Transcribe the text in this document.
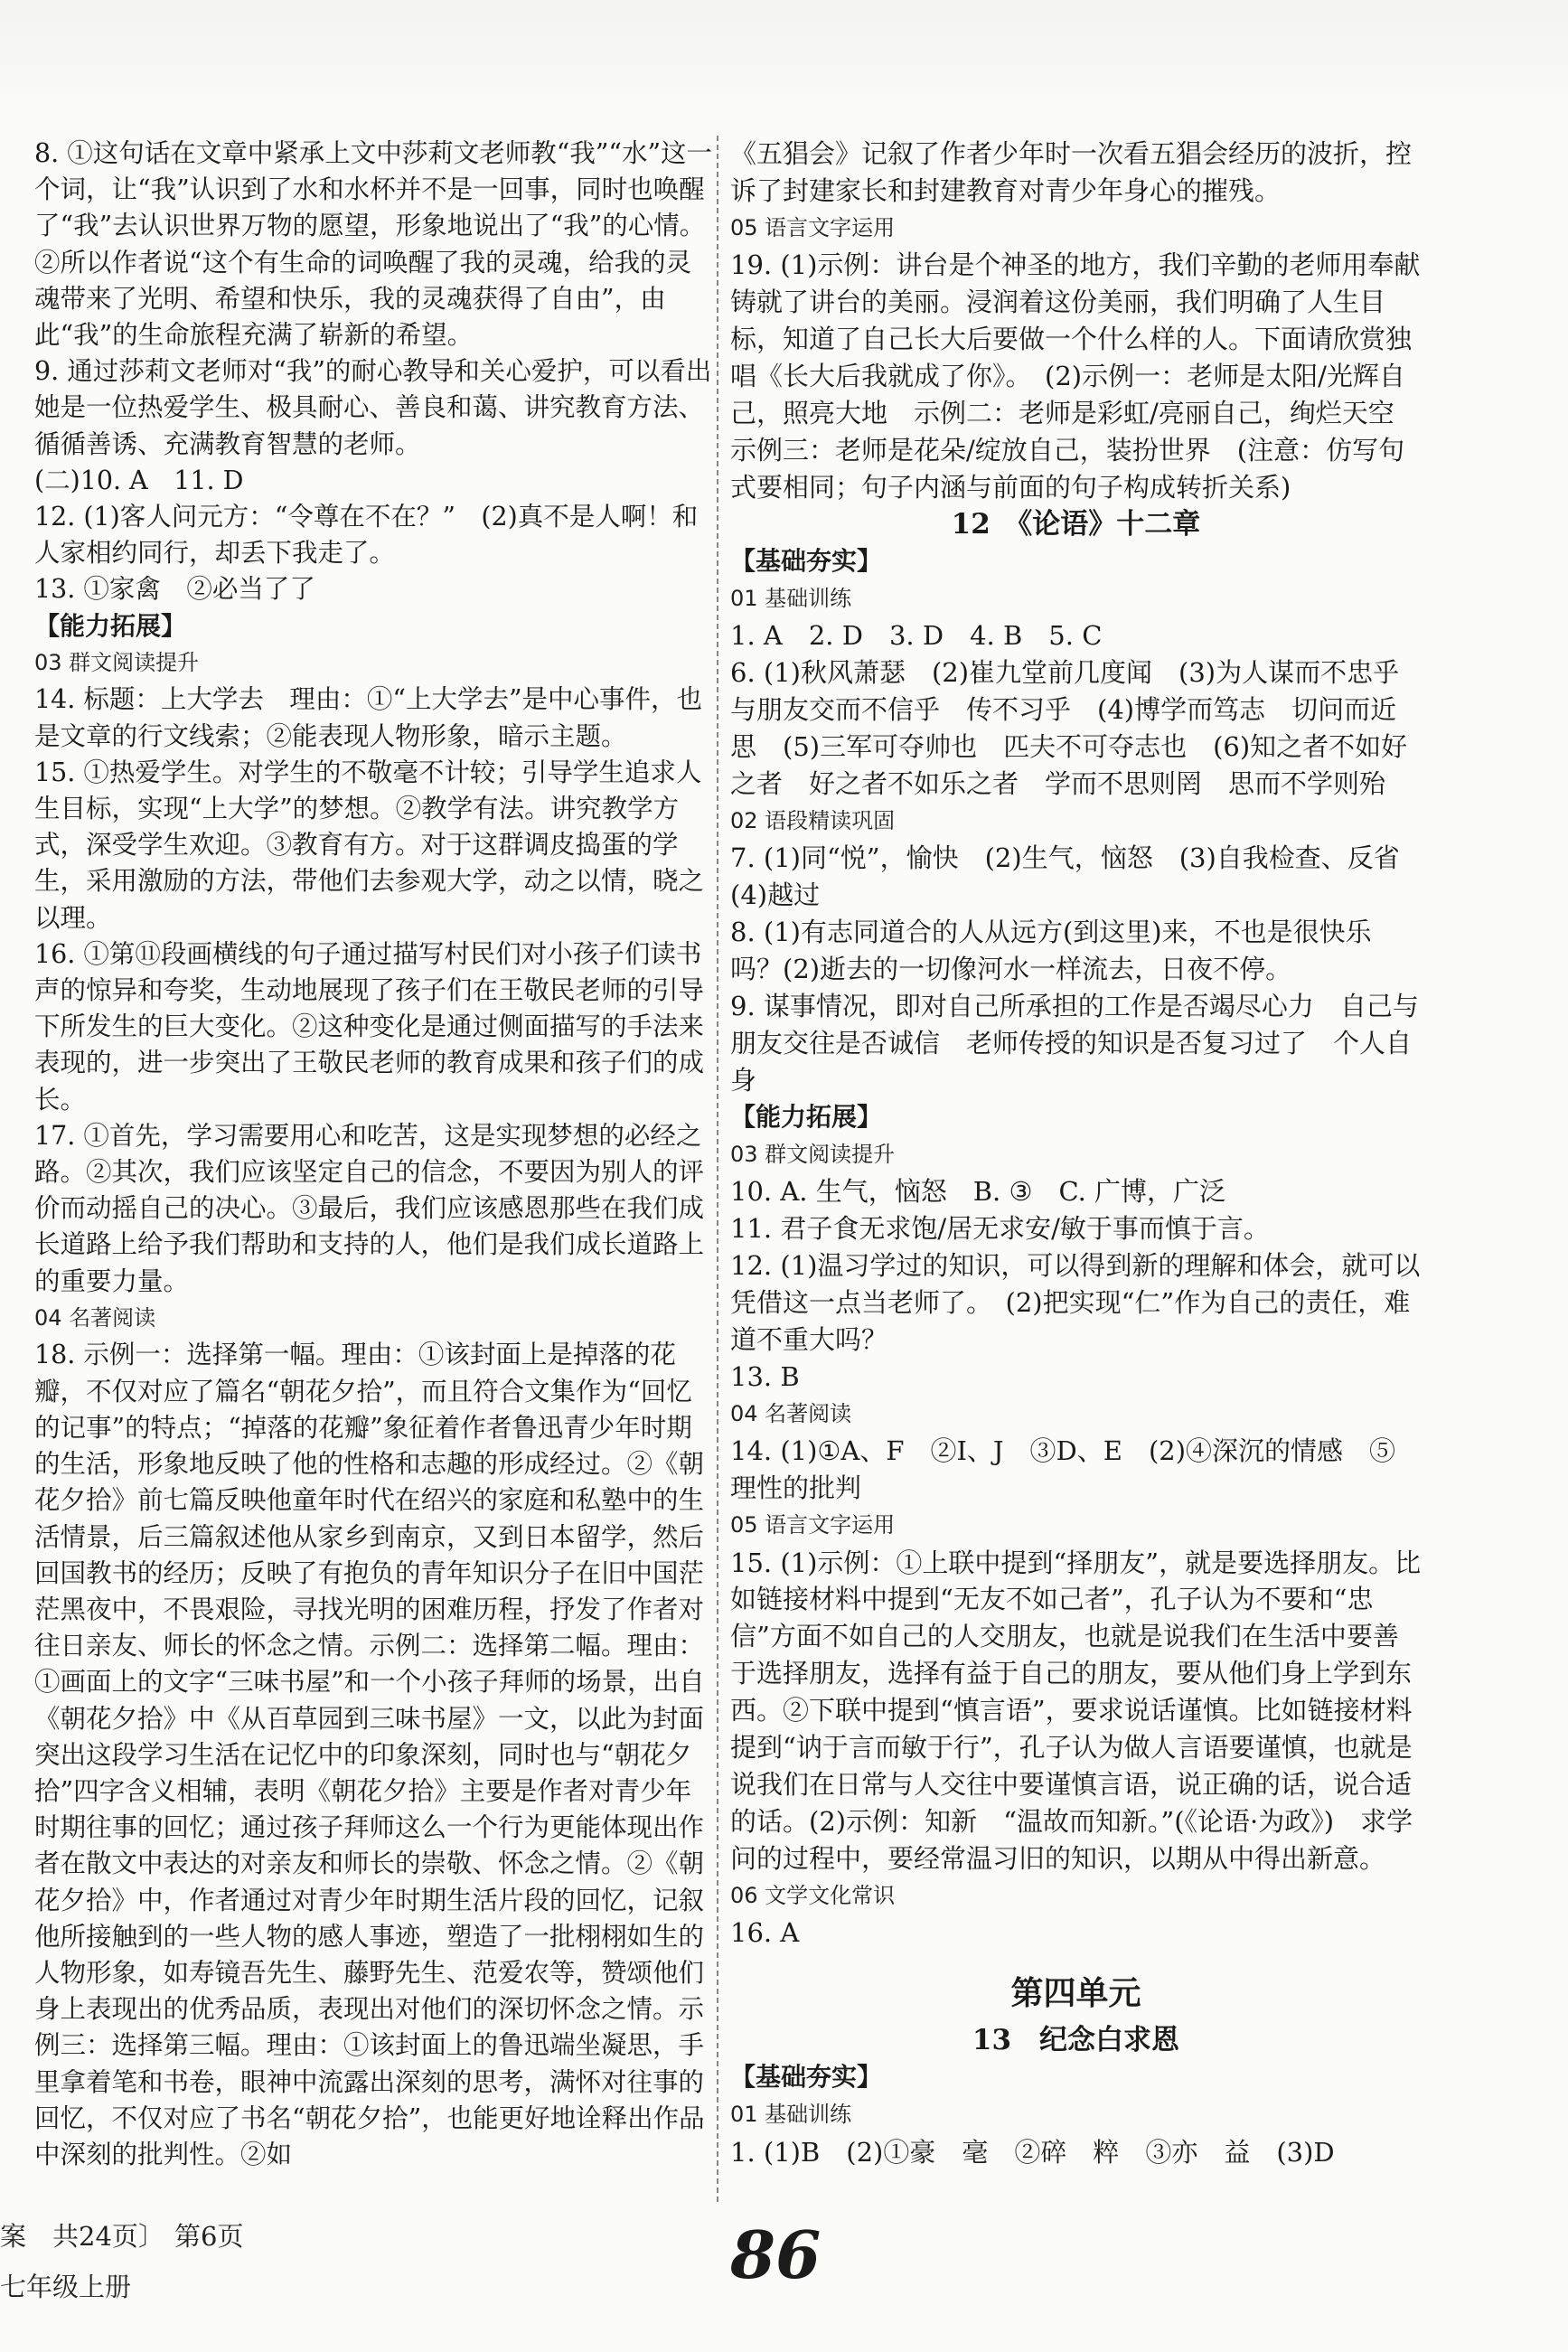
8. ①这句话在文章中紧承上文中莎莉文老师教“我”“水”这一个词，让“我”认识到了水和水杯并不是一回事，同时也唤醒了“我”去认识世界万物的愿望，形象地说出了“我”的心情。②所以作者说“这个有生命的词唤醒了我的灵魂，给我的灵魂带来了光明、希望和快乐，我的灵魂获得了自由”，由此“我”的生命旅程充满了崭新的希望。
9. 通过莎莉文老师对“我”的耐心教导和关心爱护，可以看出她是一位热爱学生、极具耐心、善良和蔼、讲究教育方法、循循善诱、充满教育智慧的老师。
(二)10. A　11. D
12. (1)客人问元方：“令尊在不在？”　(2)真不是人啊！和人家相约同行，却丢下我走了。
13. ①家禽　②必当了了
【能力拓展】
03 群文阅读提升
14. 标题：上大学去　理由：①“上大学去”是中心事件，也是文章的行文线索；②能表现人物形象，暗示主题。
15. ①热爱学生。对学生的不敬毫不计较；引导学生追求人生目标，实现“上大学”的梦想。②教学有法。讲究教学方式，深受学生欢迎。③教育有方。对于这群调皮捣蛋的学生，采用激励的方法，带他们去参观大学，动之以情，晓之以理。
16. ①第⑪段画横线的句子通过描写村民们对小孩子们读书声的惊异和夸奖，生动地展现了孩子们在王敬民老师的引导下所发生的巨大变化。②这种变化是通过侧面描写的手法来表现的，进一步突出了王敬民老师的教育成果和孩子们的成长。
17. ①首先，学习需要用心和吃苦，这是实现梦想的必经之路。②其次，我们应该坚定自己的信念，不要因为别人的评价而动摇自己的决心。③最后，我们应该感恩那些在我们成长道路上给予我们帮助和支持的人，他们是我们成长道路上的重要力量。
04 名著阅读
18. 示例一：选择第一幅。理由：①该封面上是掉落的花瓣，不仅对应了篇名“朝花夕拾”，而且符合文集作为“回忆的记事”的特点；“掉落的花瓣”象征着作者鲁迅青少年时期的生活，形象地反映了他的性格和志趣的形成经过。②《朝花夕拾》前七篇反映他童年时代在绍兴的家庭和私塾中的生活情景，后三篇叙述他从家乡到南京，又到日本留学，然后回国教书的经历；反映了有抱负的青年知识分子在旧中国茫茫黑夜中，不畏艰险，寻找光明的困难历程，抒发了作者对往日亲友、师长的怀念之情。示例二：选择第二幅。理由：①画面上的文字“三味书屋”和一个小孩子拜师的场景，出自《朝花夕拾》中《从百草园到三味书屋》一文，以此为封面突出这段学习生活在记忆中的印象深刻，同时也与“朝花夕拾”四字含义相辅，表明《朝花夕拾》主要是作者对青少年时期往事的回忆；通过孩子拜师这么一个行为更能体现出作者在散文中表达的对亲友和师长的崇敬、怀念之情。②《朝花夕拾》中，作者通过对青少年时期生活片段的回忆，记叙他所接触到的一些人物的感人事迹，塑造了一批栩栩如生的人物形象，如寿镜吾先生、藤野先生、范爱农等，赞颂他们身上表现出的优秀品质，表现出对他们的深切怀念之情。示例三：选择第三幅。理由：①该封面上的鲁迅端坐凝思，手里拿着笔和书卷，眼神中流露出深刻的思考，满怀对往事的回忆，不仅对应了书名“朝花夕拾”，也能更好地诠释出作品中深刻的批判性。②如
《五猖会》记叙了作者少年时一次看五猖会经历的波折，控诉了封建家长和封建教育对青少年身心的摧残。
05 语言文字运用
19. (1)示例：讲台是个神圣的地方，我们辛勤的老师用奉献铸就了讲台的美丽。浸润着这份美丽，我们明确了人生目标，知道了自己长大后要做一个什么样的人。下面请欣赏独唱《长大后我就成了你》。　(2)示例一：老师是太阳/光辉自己，照亮大地　示例二：老师是彩虹/亮丽自己，绚烂天空　示例三：老师是花朵/绽放自己，装扮世界　(注意：仿写句式要相同；句子内涵与前面的句子构成转折关系)
12　《论语》十二章
【基础夯实】
01 基础训练
1. A　2. D　3. D　4. B　5. C
6. (1)秋风萧瑟　(2)崔九堂前几度闻　(3)为人谋而不忠乎　与朋友交而不信乎　传不习乎　(4)博学而笃志　切问而近思　(5)三军可夺帅也　匹夫不可夺志也　(6)知之者不如好之者　好之者不如乐之者　学而不思则罔　思而不学则殆
02 语段精读巩固
7. (1)同“悦”，愉快　(2)生气，恼怒　(3)自我检查、反省　(4)越过
8. (1)有志同道合的人从远方(到这里)来，不也是很快乐吗？(2)逝去的一切像河水一样流去，日夜不停。
9. 谋事情况，即对自己所承担的工作是否竭尽心力　自己与朋友交往是否诚信　老师传授的知识是否复习过了　个人自身
【能力拓展】
03 群文阅读提升
10. A. 生气，恼怒　B. ③　C. 广博，广泛
11. 君子食无求饱/居无求安/敏于事而慎于言。
12. (1)温习学过的知识，可以得到新的理解和体会，就可以凭借这一点当老师了。　(2)把实现“仁”作为自己的责任，难道不重大吗？
13. B
04 名著阅读
14. (1)①A、F　②I、J　③D、E　(2)④深沉的情感　⑤理性的批判
05 语言文字运用
15. (1)示例：①上联中提到“择朋友”，就是要选择朋友。比如链接材料中提到“无友不如己者”，孔子认为不要和“忠信”方面不如自己的人交朋友，也就是说我们在生活中要善于选择朋友，选择有益于自己的朋友，要从他们身上学到东西。②下联中提到“慎言语”，要求说话谨慎。比如链接材料提到“讷于言而敏于行”，孔子认为做人言语要谨慎，也就是说我们在日常与人交往中要谨慎言语，说正确的话，说合适的话。(2)示例：知新　“温故而知新。”(《论语·为政》)　求学问的过程中，要经常温习旧的知识，以期从中得出新意。
06 文学文化常识
16. A
第四单元
13　纪念白求恩
【基础夯实】
01 基础训练
1. (1)B　(2)①豪　毫　②碎　粹　③亦　益　(3)D
案　共24页〕 第6页
七年级上册	86
